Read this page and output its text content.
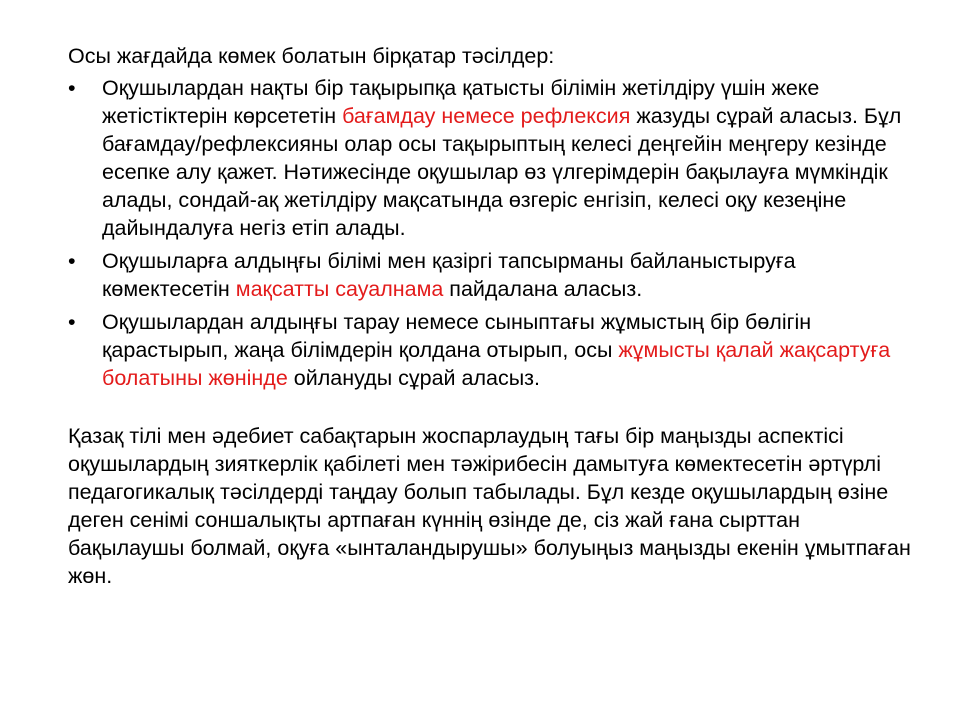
Осы жағдайда көмек болатын бірқатар тәсілдер:

• Оқушылардан нақты бір тақырыпқа қатысты білімін жетілдіру үшін жеке жетістіктерін көрсететін бағамдау немесе рефлексия жазуды сұрай аласыз. Бұл бағамдау/рефлексияны олар осы тақырыптың келесі деңгейін меңгеру кезінде есепке алу қажет. Нәтижесінде оқушылар өз үлгерімдерін бақылауға мүмкіндік алады, сондай-ақ жетілдіру мақсатында өзгеріс енгізіп, келесі оқу кезеңіне дайындалуға негіз етіп алады.
• Оқушыларға алдыңғы білімі мен қазіргі тапсырманы байланыстыруға көмектесетін мақсатты сауалнама пайдалана аласыз.
• Оқушылардан алдыңғы тарау немесе сыныптағы жұмыстың бір бөлігін қарастырып, жаңа білімдерін қолдана отырып, осы жұмысты қалай жақсартуға болатыны жөнінде ойлануды сұрай аласыз.

Қазақ тілі мен әдебиет сабақтарын жоспарлаудың тағы бір маңызды аспектісі оқушылардың зияткерлік қабілеті мен тәжірибесін дамытуға көмектесетін әртүрлі педагогикалық тәсілдерді таңдау болып табылады. Бұл кезде оқушылардың өзіне деген сенімі соншалықты артпаған күннің өзінде де, сіз жай ғана сырттан бақылаушы болмай, оқуға «ынталандырушы» болуыңыз маңызды екенін ұмытпаған жөн.
